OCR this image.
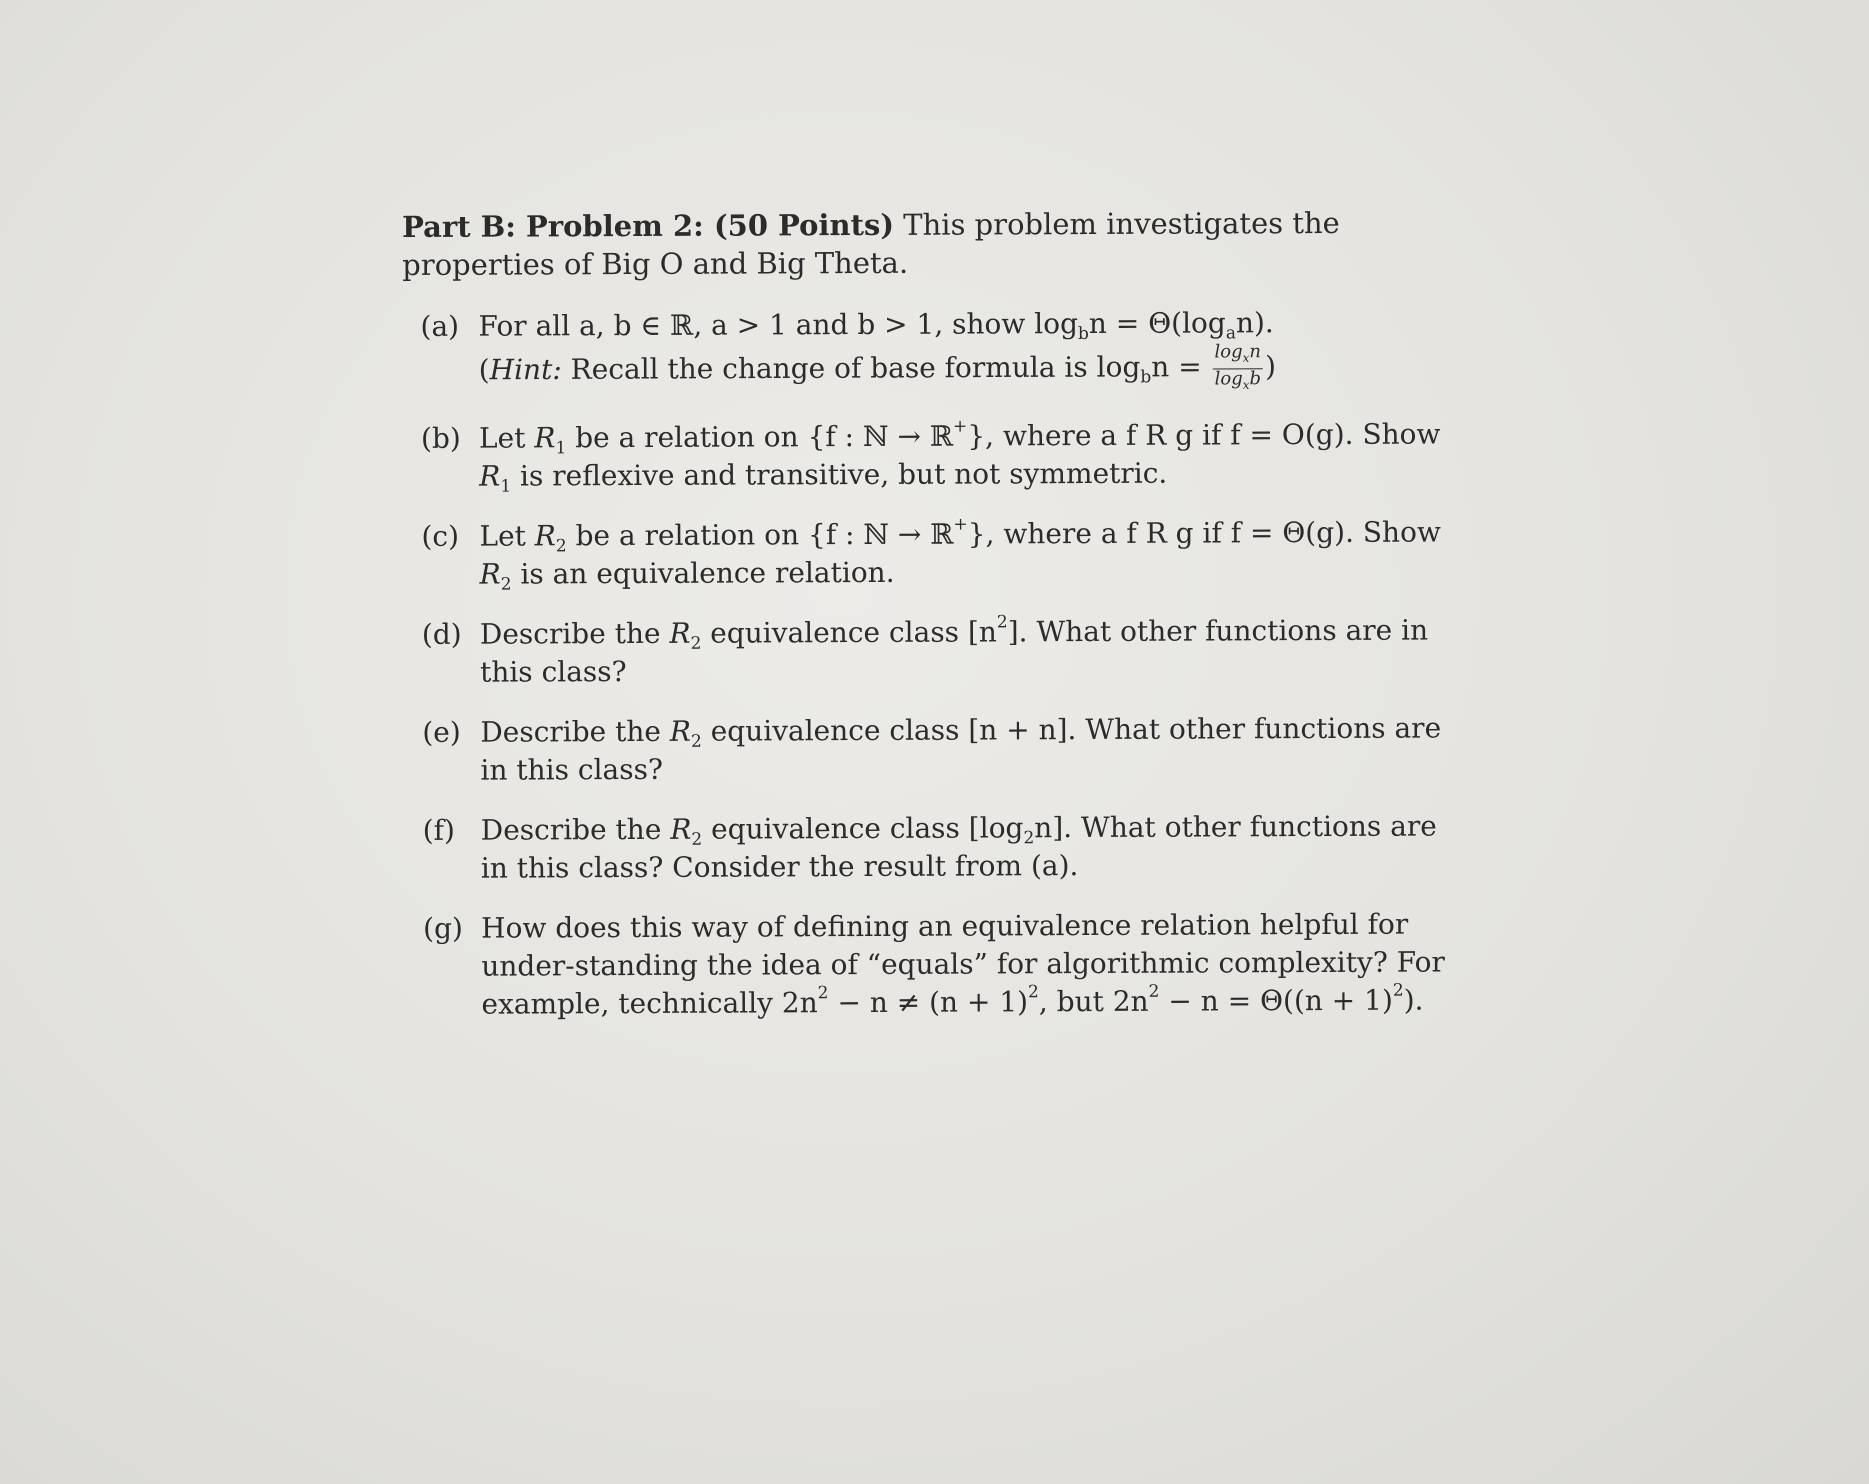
Part B: Problem 2: (50 Points) This problem investigates the properties of Big O and Big Theta.

(a) For all a, b ∈ ℝ, a > 1 and b > 1, show $\log_bn = \Theta(\log_an)$.
(Hint: Recall the change of base formula is $\log_bn = \frac{\log_xn}{\log_xb}$ )
(b) Let $R_1$ be a relation on {f : ℕ → ℝ+}, where a f R g if f = O(g). Show $R_1$ is reflexive and transitive, but not symmetric.
(c) Let $R_2$ be a relation on {f : ℕ → ℝ+}, where a f R g if f = Θ(g). Show $R_2$ is an equivalence relation.
(d) Describe the $R_2$ equivalence class $[n^2]$. What other functions are in this class?
(e) Describe the $R_2$ equivalence class [n + n]. What other functions are in this class?
(f) Describe the $R_2$ equivalence class $[\log_2n]$. What other functions are in this class? Consider the result from (a).
(g) How does this way of defining an equivalence relation helpful for under-standing the idea of “equals” for algorithmic complexity? For example, technically $2n^2 - n \ne (n + 1)^2$, but $2n^2 - n = \Theta((n + 1)^2)$.
